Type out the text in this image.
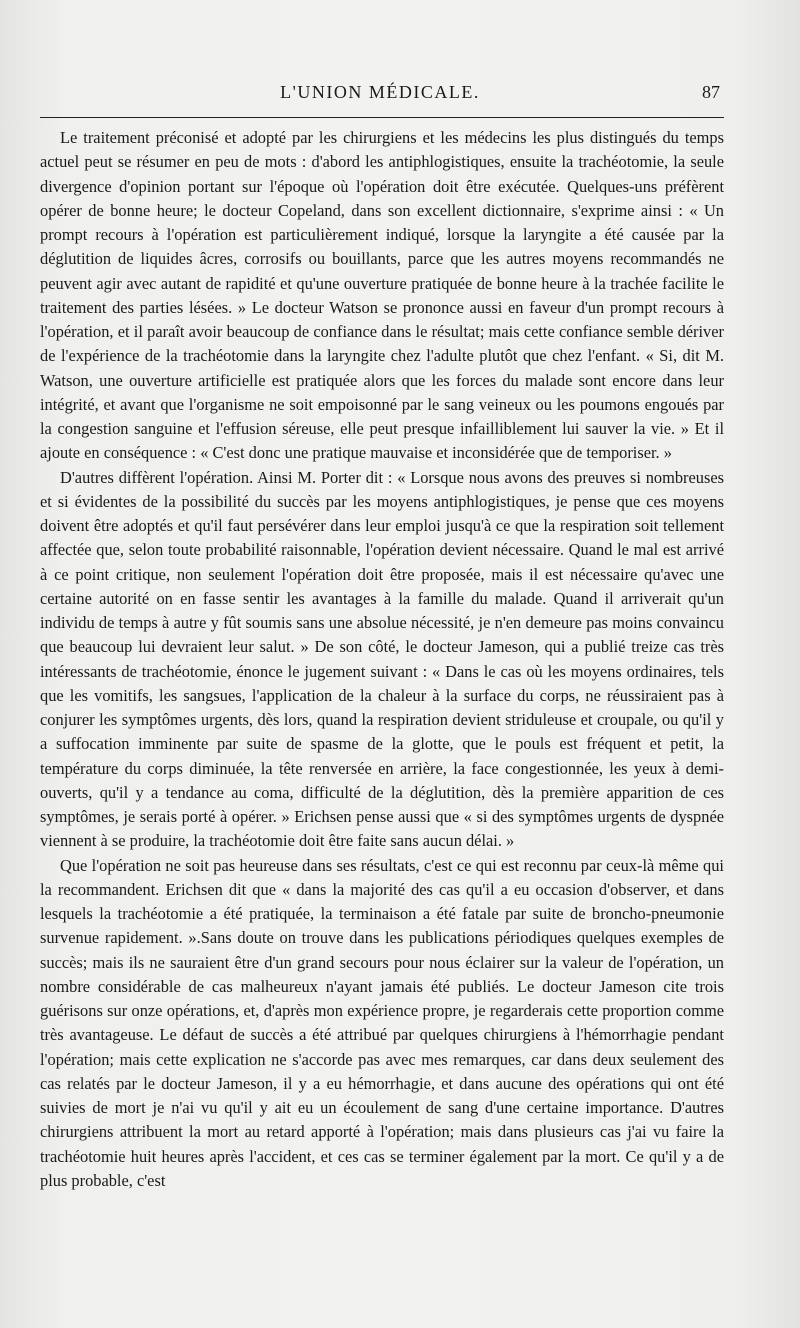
L'UNION MÉDICALE.	87

Le traitement préconisé et adopté par les chirurgiens et les médecins les plus distingués du temps actuel peut se résumer en peu de mots : d'abord les antiphlogistiques, ensuite la trachéotomie, la seule divergence d'opinion portant sur l'époque où l'opération doit être exécutée. Quelques-uns préfèrent opérer de bonne heure; le docteur Copeland, dans son excellent dictionnaire, s'exprime ainsi : « Un prompt recours à l'opération est particulièrement indiqué, lorsque la laryngite a été causée par la déglutition de liquides âcres, corrosifs ou bouillants, parce que les autres moyens recommandés ne peuvent agir avec autant de rapidité et qu'une ouverture pratiquée de bonne heure à la trachée facilite le traitement des parties lésées. » Le docteur Watson se prononce aussi en faveur d'un prompt recours à l'opération, et il paraît avoir beaucoup de confiance dans le résultat; mais cette confiance semble dériver de l'expérience de la trachéotomie dans la laryngite chez l'adulte plutôt que chez l'enfant. « Si, dit M. Watson, une ouverture artificielle est pratiquée alors que les forces du malade sont encore dans leur intégrité, et avant que l'organisme ne soit empoisonné par le sang veineux ou les poumons engoués par la congestion sanguine et l'effusion séreuse, elle peut presque infailliblement lui sauver la vie. » Et il ajoute en conséquence : « C'est donc une pratique mauvaise et inconsidérée que de temporiser. »

D'autres diffèrent l'opération. Ainsi M. Porter dit : « Lorsque nous avons des preuves si nombreuses et si évidentes de la possibilité du succès par les moyens antiphlogistiques, je pense que ces moyens doivent être adoptés et qu'il faut persévérer dans leur emploi jusqu'à ce que la respiration soit tellement affectée que, selon toute probabilité raisonnable, l'opération devient nécessaire. Quand le mal est arrivé à ce point critique, non seulement l'opération doit être proposée, mais il est nécessaire qu'avec une certaine autorité on en fasse sentir les avantages à la famille du malade. Quand il arriverait qu'un individu de temps à autre y fût soumis sans une absolue nécessité, je n'en demeure pas moins convaincu que beaucoup lui devraient leur salut. » De son côté, le docteur Jameson, qui a publié treize cas très intéressants de trachéotomie, énonce le jugement suivant : « Dans le cas où les moyens ordinaires, tels que les vomitifs, les sangsues, l'application de la chaleur à la surface du corps, ne réussiraient pas à conjurer les symptômes urgents, dès lors, quand la respiration devient striduleuse et croupale, ou qu'il y a suffocation imminente par suite de spasme de la glotte, que le pouls est fréquent et petit, la température du corps diminuée, la tête renversée en arrière, la face congestionnée, les yeux à demi-ouverts, qu'il y a tendance au coma, difficulté de la déglutition, dès la première apparition de ces symptômes, je serais porté à opérer. » Erichsen pense aussi que « si des symptômes urgents de dyspnée viennent à se produire, la trachéotomie doit être faite sans aucun délai. »

Que l'opération ne soit pas heureuse dans ses résultats, c'est ce qui est reconnu par ceux-là même qui la recommandent. Erichsen dit que « dans la majorité des cas qu'il a eu occasion d'observer, et dans lesquels la trachéotomie a été pratiquée, la terminaison a été fatale par suite de broncho-pneumonie survenue rapidement. ».Sans doute on trouve dans les publications périodiques quelques exemples de succès; mais ils ne sauraient être d'un grand secours pour nous éclairer sur la valeur de l'opération, un nombre considérable de cas malheureux n'ayant jamais été publiés. Le docteur Jameson cite trois guérisons sur onze opérations, et, d'après mon expérience propre, je regarderais cette proportion comme très avantageuse. Le défaut de succès a été attribué par quelques chirurgiens à l'hémorrhagie pendant l'opération; mais cette explication ne s'accorde pas avec mes remarques, car dans deux seulement des cas relatés par le docteur Jameson, il y a eu hémorrhagie, et dans aucune des opérations qui ont été suivies de mort je n'ai vu qu'il y ait eu un écoulement de sang d'une certaine importance. D'autres chirurgiens attribuent la mort au retard apporté à l'opération; mais dans plusieurs cas j'ai vu faire la trachéotomie huit heures après l'accident, et ces cas se terminer également par la mort. Ce qu'il y a de plus probable, c'est
